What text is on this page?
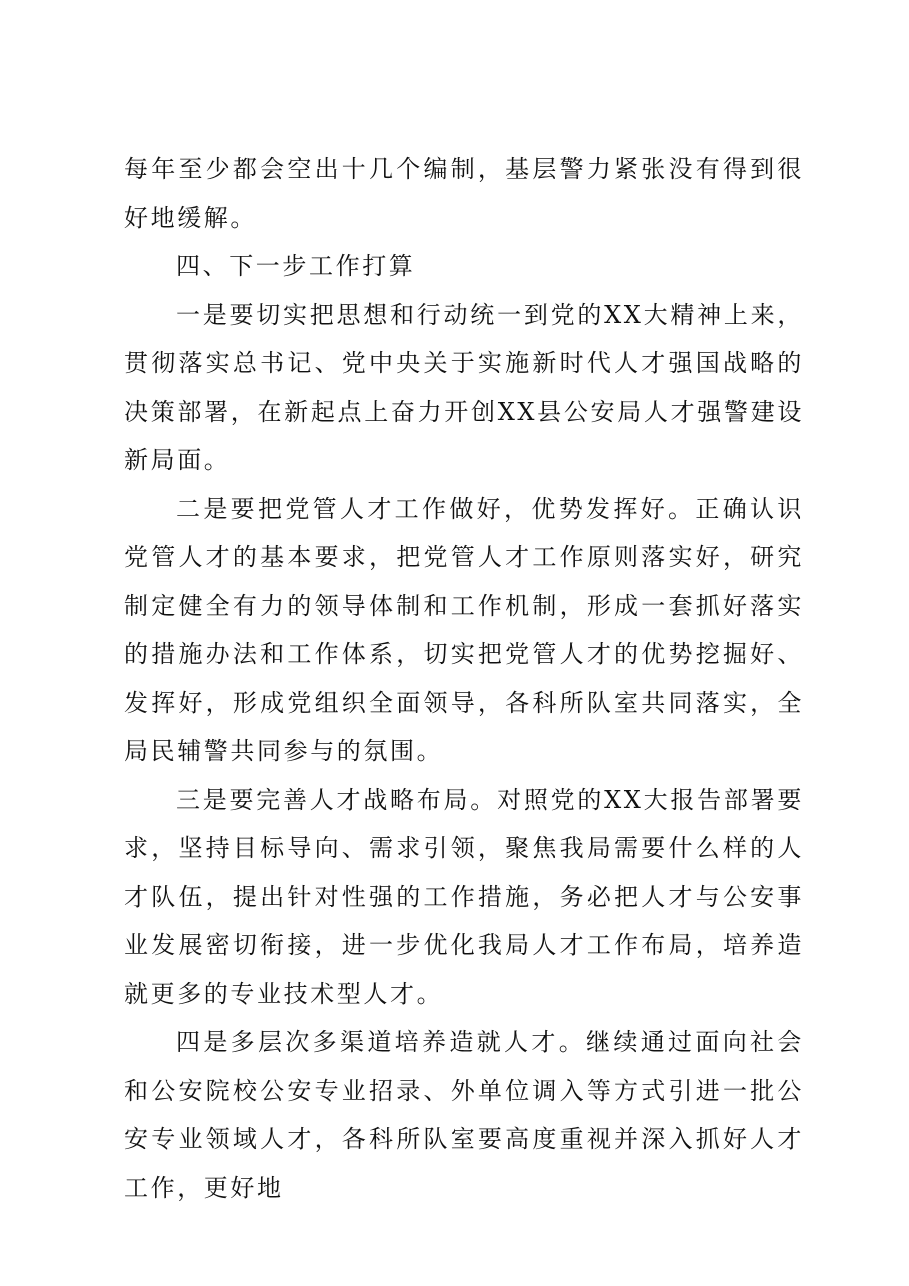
每年至少都会空出十几个编制，基层警力紧张没有得到很好地缓解。

四、下一步工作打算

一是要切实把思想和行动统一到党的XX大精神上来，贯彻落实总书记、党中央关于实施新时代人才强国战略的决策部署，在新起点上奋力开创XX县公安局人才强警建设新局面。

二是要把党管人才工作做好，优势发挥好。正确认识党管人才的基本要求，把党管人才工作原则落实好，研究制定健全有力的领导体制和工作机制，形成一套抓好落实的措施办法和工作体系，切实把党管人才的优势挖掘好、发挥好，形成党组织全面领导，各科所队室共同落实，全局民辅警共同参与的氛围。

三是要完善人才战略布局。对照党的XX大报告部署要求，坚持目标导向、需求引领，聚焦我局需要什么样的人才队伍，提出针对性强的工作措施，务必把人才与公安事业发展密切衔接，进一步优化我局人才工作布局，培养造就更多的专业技术型人才。

四是多层次多渠道培养造就人才。继续通过面向社会和公安院校公安专业招录、外单位调入等方式引进一批公安专业领域人才，各科所队室要高度重视并深入抓好人才工作，更好地
